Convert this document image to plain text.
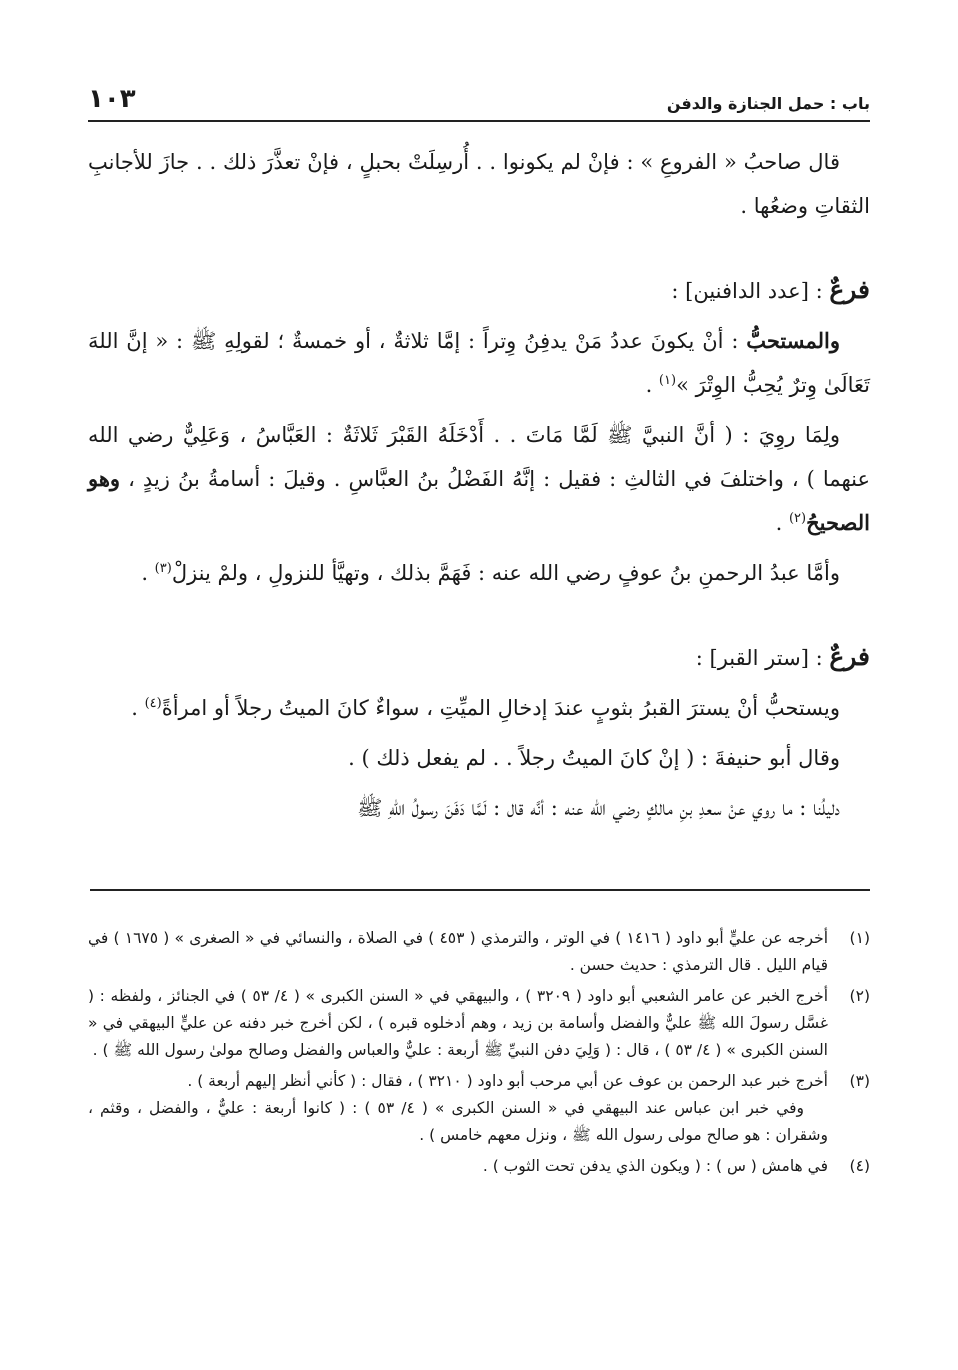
باب : حمل الجنازة والدفن
١٠٣

قال صاحبُ « الفروعِ » : فإنْ لم يكونوا . . أُرسِلَتْ بحبلٍ ، فإنْ تعذَّرَ ذلك . . جازَ للأجانبِ الثقاتِ وضعُها .

فرعٌ : [عدد الدافنين] :

والمستحبُّ : أنْ يكونَ عددُ مَنْ يدفِنُ وِتراً : إمَّا ثلاثةٌ ، أو خمسةٌ ؛ لقولِهِ ﷺ : « إنَّ اللهَ تَعَالَىٰ وِترٌ يُحِبُّ الوِتْرَ »$^{(١)}$ .

ولِمَا روِيَ : ( أنَّ النبيَّ ﷺ لَمَّا مَاتَ . . أَدْخَلَهُ القَبْرَ ثَلاثَةٌ : العَبَّاسُ ، وَعَلِيٌّ رضي الله عنهما ) ، واختلفَ في الثالثِ : فقيل : إنَّهُ الفَضْلُ بنُ العبَّاسِ . وقيلَ : أسامةُ بنُ زيدٍ ، وهو الصحيحُ$^{(٢)}$ .

وأمَّا عبدُ الرحمنِ بنُ عوفٍ رضي الله عنه : فَهَمَّ بذلك ، وتهيَّأ للنزولِ ، ولمْ ينزلْ$^{(٣)}$ .

فرعٌ : [ستر القبر] :

ويستحبُّ أنْ يسترَ القبرُ بثوبٍ عندَ إدخالِ الميِّتِ ، سواءٌ كانَ الميتُ رجلاً أو امرأةً$^{(٤)}$ .

وقال أبو حنيفةَ : ( إنْ كانَ الميتُ رجلاً . . لم يفعل ذلك ) .

دليلُنا : ما روي عنْ سعدِ بنِ مالكٍ رضي الله عنه : أنَّه قال : لَمَّا دَفَنَ رسولُ اللهِ ﷺ

(١)

أخرجه عن عليٍّ أبو داود ( ١٤١٦ ) في الوتر ، والترمذي ( ٤٥٣ ) في الصلاة ، والنسائي في « الصغرى » ( ١٦٧٥ ) في قيام الليل . قال الترمذي : حديث حسن .

(٢)

أخرج الخبر عن عامر الشعبي أبو داود ( ٣٢٠٩ ) ، والبيهقي في « السنن الكبرى » ( ٤/ ٥٣ ) في الجنائز ، ولفظه : ( غسَّل رسولَ الله ﷺ عليٌّ والفضل وأسامة بن زيد ، وهم أدخلوه قبره ) ، لكن أخرج خبر دفنه عن عليٍّ البيهقي في « السنن الكبرى » ( ٤/ ٥٣ ) ، قال : ( وَلِيَ دفن النبيِّ ﷺ أربعة : عليٌّ والعباس والفضل وصالح مولىٰ رسول الله ﷺ ) .

(٣)

أخرج خبر عبد الرحمن بن عوف عن أبي مرحب أبو داود ( ٣٢١٠ ) ، فقال : ( كأني أنظر إليهم أربعة ) .

وفي خبر ابن عباس عند البيهقي في « السنن الكبرى » ( ٤/ ٥٣ ) : ( كانوا أربعة : عليٌّ ، والفضل ، وقثم ، وشقران : هو صالح مولى رسول الله ﷺ ، ونزل معهم خامس ) .

(٤)

في هامش ( س ) : ( ويكون الذي يدفن تحت الثوب ) .
